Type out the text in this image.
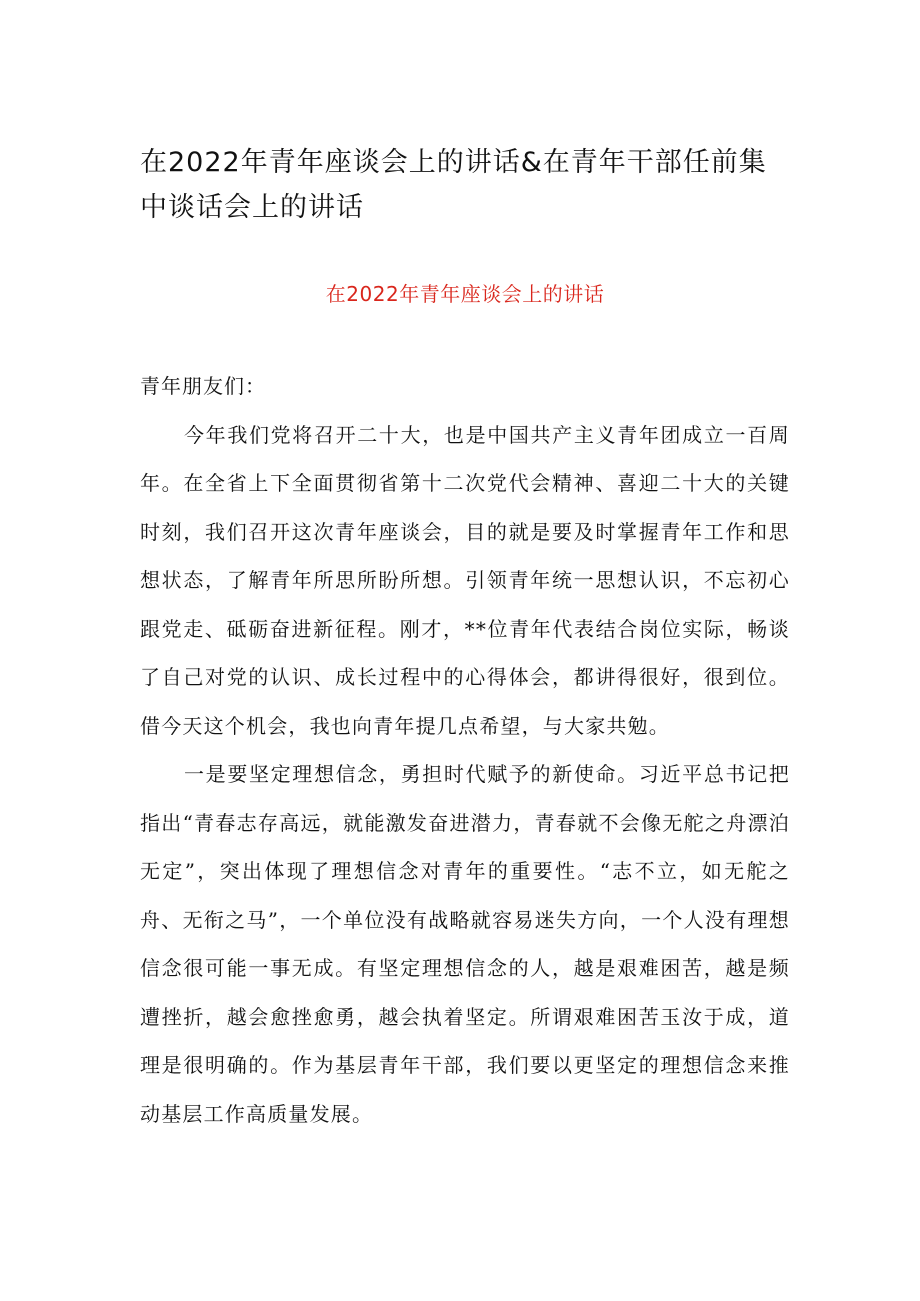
在2022年青年座谈会上的讲话&在青年干部任前集中谈话会上的讲话
在2022年青年座谈会上的讲话

青年朋友们：

今年我们党将召开二十大，也是中国共产主义青年团成立一百周年。在全省上下全面贯彻省第十二次党代会精神、喜迎二十大的关键时刻，我们召开这次青年座谈会，目的就是要及时掌握青年工作和思想状态，了解青年所思所盼所想。引领青年统一思想认识，不忘初心跟党走、砥砺奋进新征程。刚才，**位青年代表结合岗位实际，畅谈了自己对党的认识、成长过程中的心得体会，都讲得很好，很到位。借今天这个机会，我也向青年提几点希望，与大家共勉。

一是要坚定理想信念，勇担时代赋予的新使命。习近平总书记把指出“青春志存高远，就能激发奋进潜力，青春就不会像无舵之舟漂泊无定”，突出体现了理想信念对青年的重要性。“志不立，如无舵之舟、无衔之马”，一个单位没有战略就容易迷失方向，一个人没有理想信念很可能一事无成。有坚定理想信念的人，越是艰难困苦，越是频遭挫折，越会愈挫愈勇，越会执着坚定。所谓艰难困苦玉汝于成，道理是很明确的。作为基层青年干部，我们要以更坚定的理想信念来推动基层工作高质量发展。
